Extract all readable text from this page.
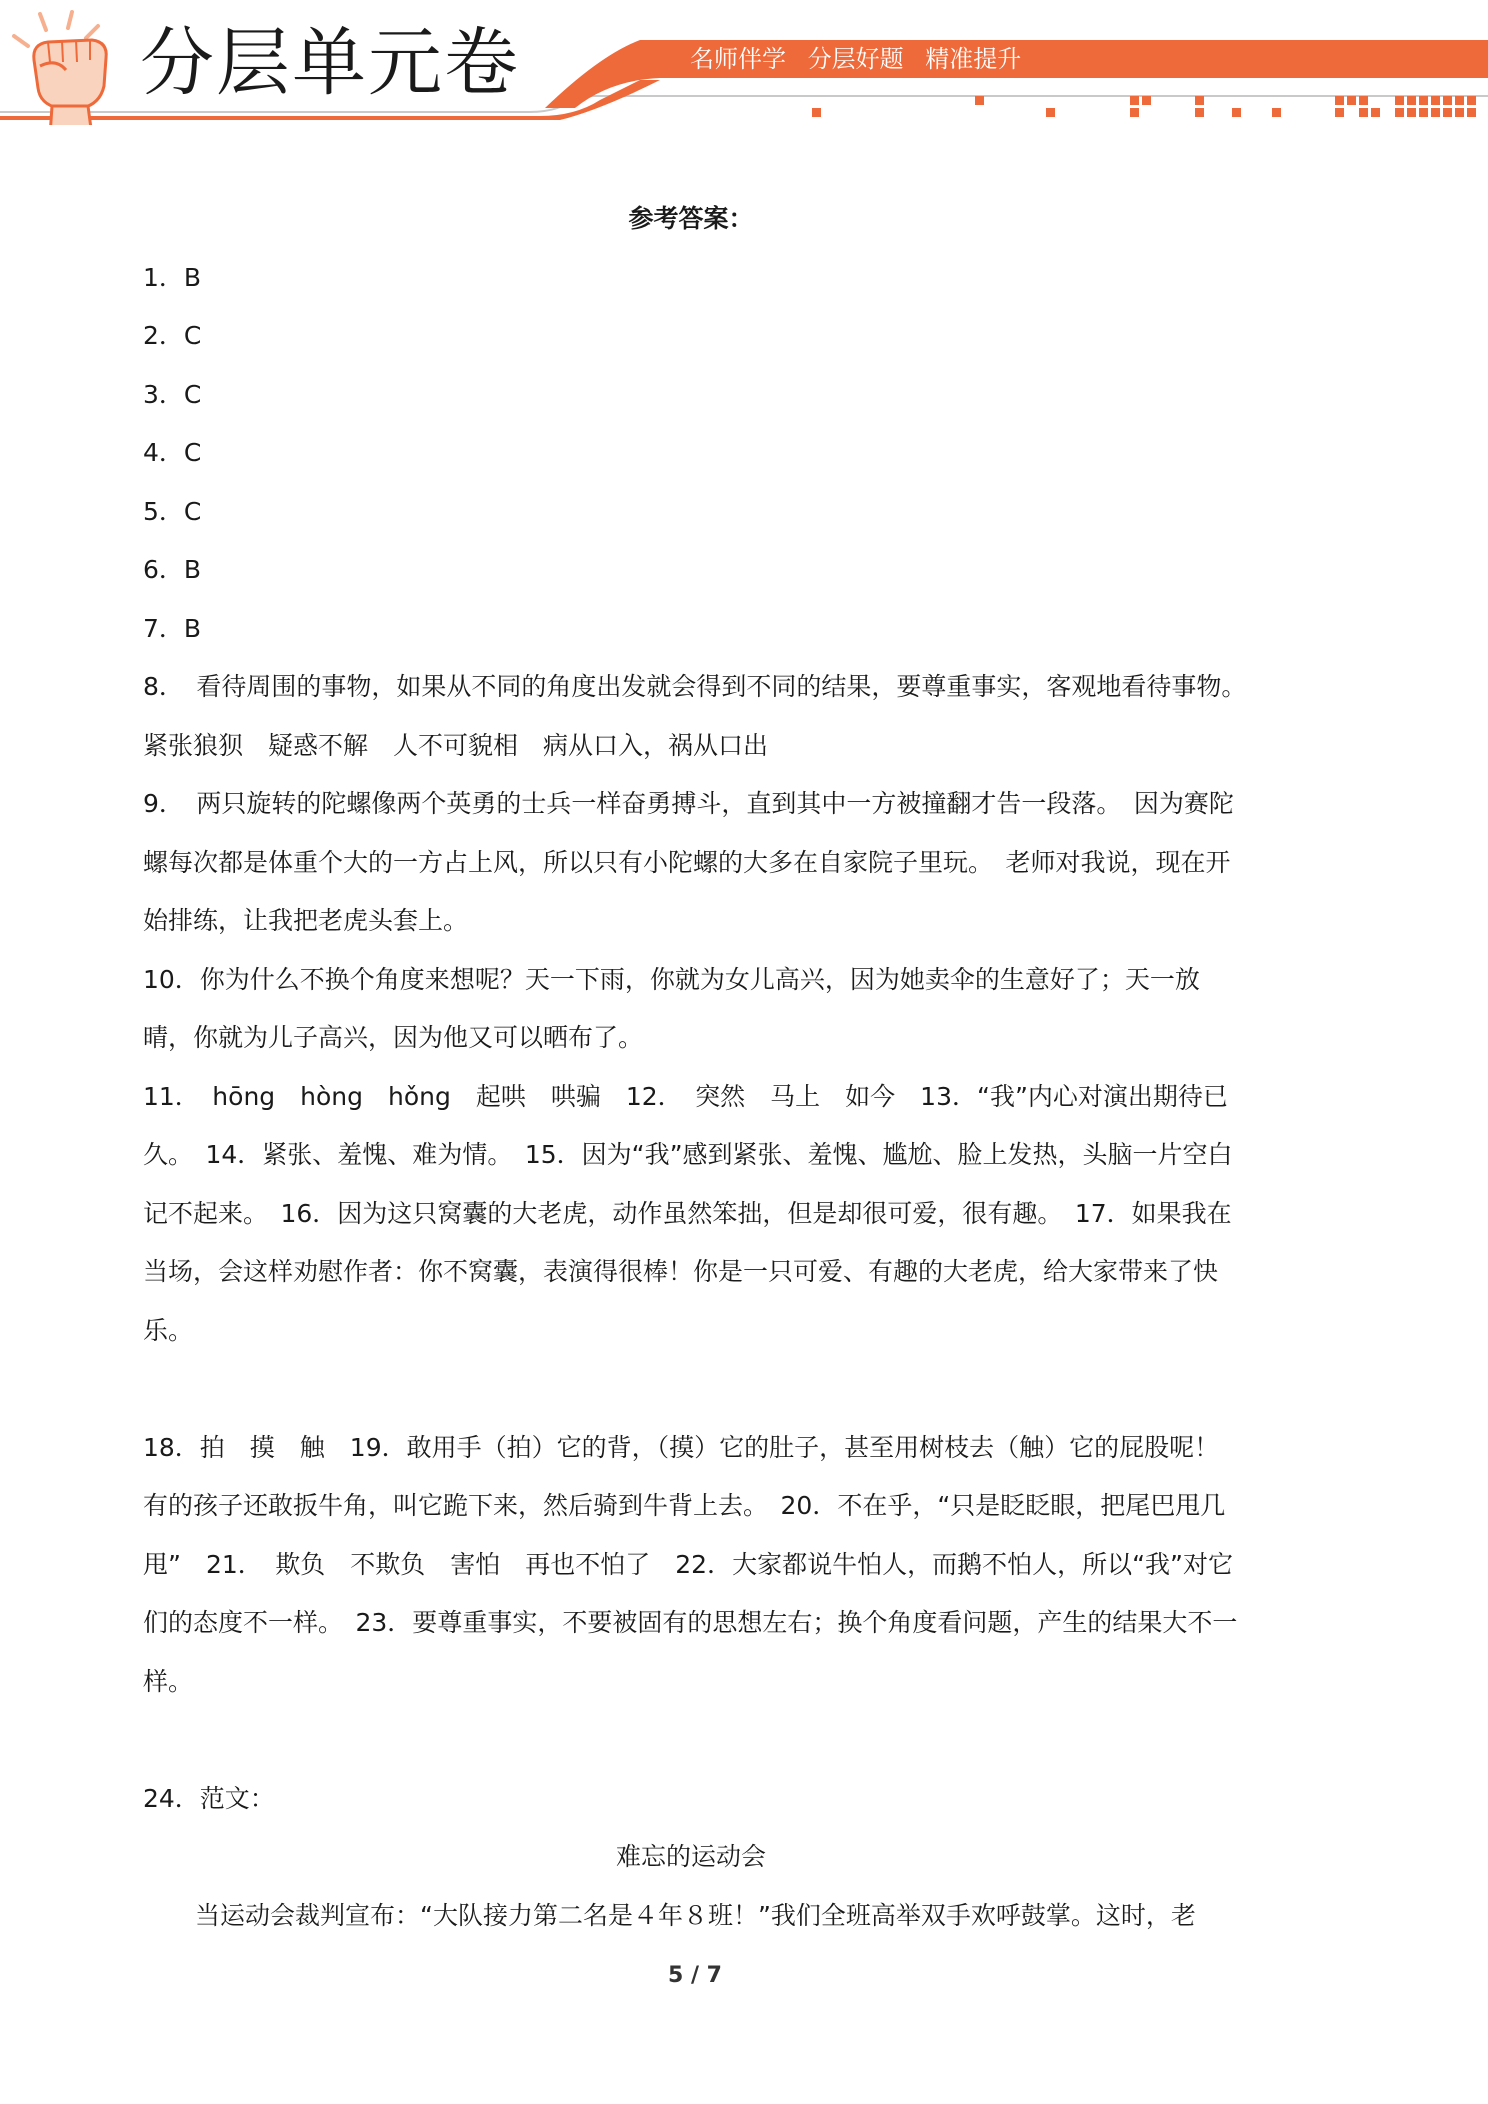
分层单元卷	名师伴学 分层好题 精准提升

参考答案：

1．B

2．C

3．C

4．C

5．C

6．B

7．B

8．　看待周围的事物，如果从不同的角度出发就会得到不同的结果，要尊重事实，客观地看待事物。　紧张狼狈　疑惑不解　人不可貌相　病从口入，祸从口出

9．　两只旋转的陀螺像两个英勇的士兵一样奋勇搏斗，直到其中一方被撞翻才告一段落。　因为赛陀螺每次都是体重个大的一方占上风，所以只有小陀螺的大多在自家院子里玩。　老师对我说，现在开始排练，让我把老虎头套上。

10．你为什么不换个角度来想呢？天一下雨，你就为女儿高兴，因为她卖伞的生意好了；天一放晴，你就为儿子高兴，因为他又可以晒布了。

11．　hōng　hòng　hǒng　起哄　哄骗　12．　突然　马上　如今　13．“我”内心对演出期待已久。　14．紧张、羞愧、难为情。　15．因为“我”感到紧张、羞愧、尴尬、脸上发热，头脑一片空白记不起来。　16．因为这只窝囊的大老虎，动作虽然笨拙，但是却很可爱，很有趣。　17．如果我在当场，会这样劝慰作者：你不窝囊，表演得很棒！你是一只可爱、有趣的大老虎，给大家带来了快乐。

18．拍　摸　触　19．敢用手（拍）它的背，（摸）它的肚子，甚至用树枝去（触）它的屁股呢！有的孩子还敢扳牛角，叫它跪下来，然后骑到牛背上去。　20．不在乎，“只是眨眨眼，把尾巴甩几甩”　21．　欺负　不欺负　害怕　再也不怕了　22．大家都说牛怕人，而鹅不怕人，所以“我”对它们的态度不一样。　23．要尊重事实，不要被固有的思想左右；换个角度看问题，产生的结果大不一样。

24．范文：

难忘的运动会

当运动会裁判宣布：“大队接力第二名是４年８班！”我们全班高举双手欢呼鼓掌。这时，老

5 / 7
